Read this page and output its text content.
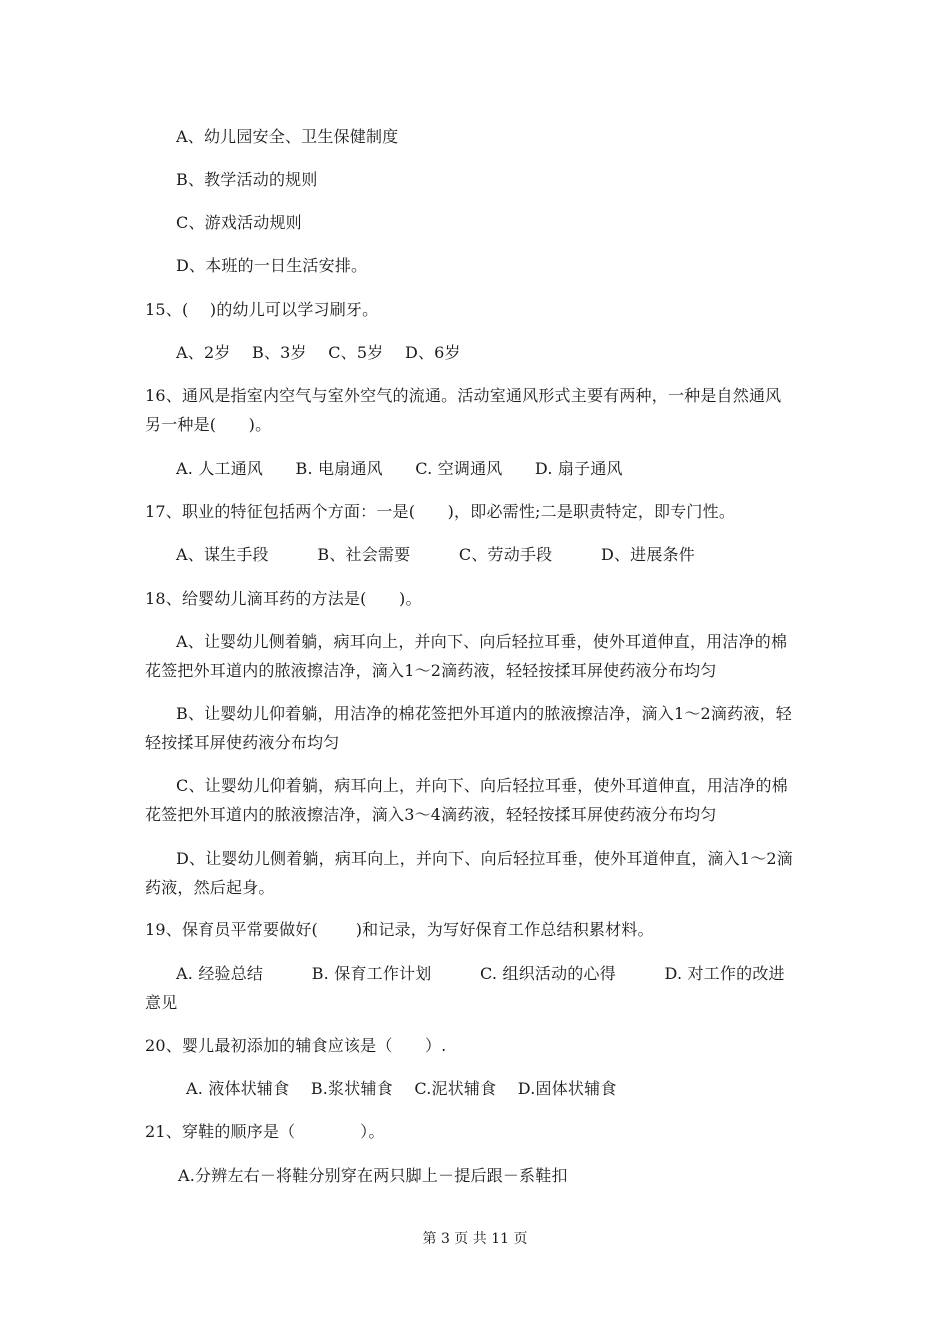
A、幼儿园安全、卫生保健制度
B、教学活动的规则
C、游戏活动规则
D、本班的一日生活安排。
15、(　 )的幼儿可以学习刷牙。
A、2岁　 B、3岁　 C、5岁　 D、6岁
16、通风是指室内空气与室外空气的流通。活动室通风形式主要有两种，一种是自然通风
另一种是(　　)。
A. 人工通风　　B. 电扇通风　　C. 空调通风　　D. 扇子通风
17、职业的特征包括两个方面：一是(　　)，即必需性;二是职责特定，即专门性。
A、谋生手段　　　B、社会需要　　　C、劳动手段　　　D、进展条件
18、给婴幼儿滴耳药的方法是(　　)。
A、让婴幼儿侧着躺，病耳向上，并向下、向后轻拉耳垂，使外耳道伸直，用洁净的棉
花签把外耳道内的脓液擦洁净，滴入1～2滴药液，轻轻按揉耳屏使药液分布均匀
B、让婴幼儿仰着躺，用洁净的棉花签把外耳道内的脓液擦洁净，滴入1～2滴药液，轻
轻按揉耳屏使药液分布均匀
C、让婴幼儿仰着躺，病耳向上，并向下、向后轻拉耳垂，使外耳道伸直，用洁净的棉
花签把外耳道内的脓液擦洁净，滴入3～4滴药液，轻轻按揉耳屏使药液分布均匀
D、让婴幼儿侧着躺，病耳向上，并向下、向后轻拉耳垂，使外耳道伸直，滴入1～2滴
药液，然后起身。
19、保育员平常要做好(　　 )和记录，为写好保育工作总结积累材料。
A. 经验总结　　　B. 保育工作计划　　　C. 组织活动的心得　　　D. 对工作的改进
意见
20、婴儿最初添加的辅食应该是（　　）.
A. 液体状辅食　 B.浆状辅食　 C.泥状辅食　 D.固体状辅食
21、穿鞋的顺序是（　　　　）。
A.分辨左右－将鞋分别穿在两只脚上－提后跟－系鞋扣
第 3 页 共 11 页
